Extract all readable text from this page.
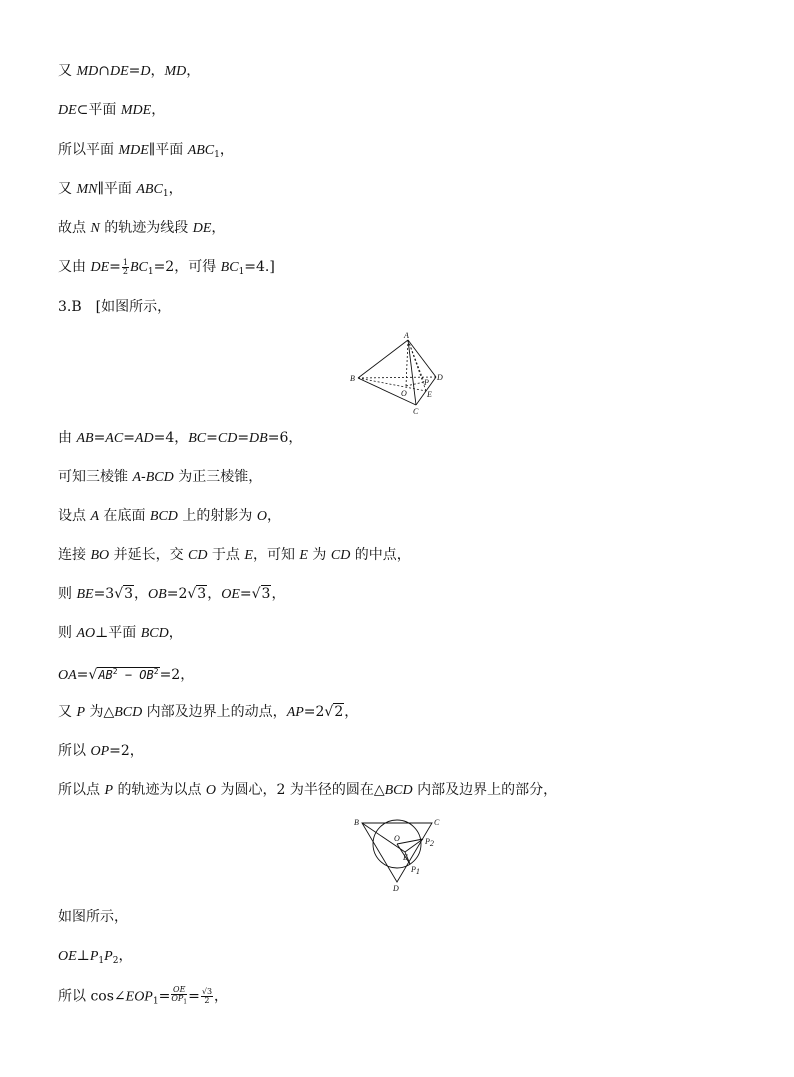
又 MD∩DE=D，MD，
DE⊂平面 MDE，
所以平面 MDE∥平面 $ABC_1$，
又 MN∥平面 $ABC_1$，
故点 N 的轨迹为线段 DE，
又由 $DE= \frac{1}{2} BC_1=2$，可得 $BC_1=4$.]
3.B　[如图所示，
A
B
C
D
O	E
P
由 AB=AC=AD=4，BC=CD=DB=6，
可知三棱锥 A-BCD 为正三棱锥，
设点 A 在底面 BCD 上的射影为 O，
连接 BO 并延长，交 CD 于点 E，可知 E 为 CD 的中点，
则 BE=3√3，OB=2√3，OE=√3，
则 AO⊥平面 BCD，
$OA=√AB^2 - OB^2=2$，
又 P 为△BCD 内部及边界上的动点，AP=2√2，
所以 OP=2，
所以点 P 的轨迹为以点 O 为圆心，2 为半径的圆在△BCD 内部及边界上的部分，
B	C
D
O
E
P2
P1
如图所示，
$OE\perp P_1P_2$，
所以 $\cos\angle EOP_1= \frac{OE}{OP_1} = \frac{√3}{2}$ ，
